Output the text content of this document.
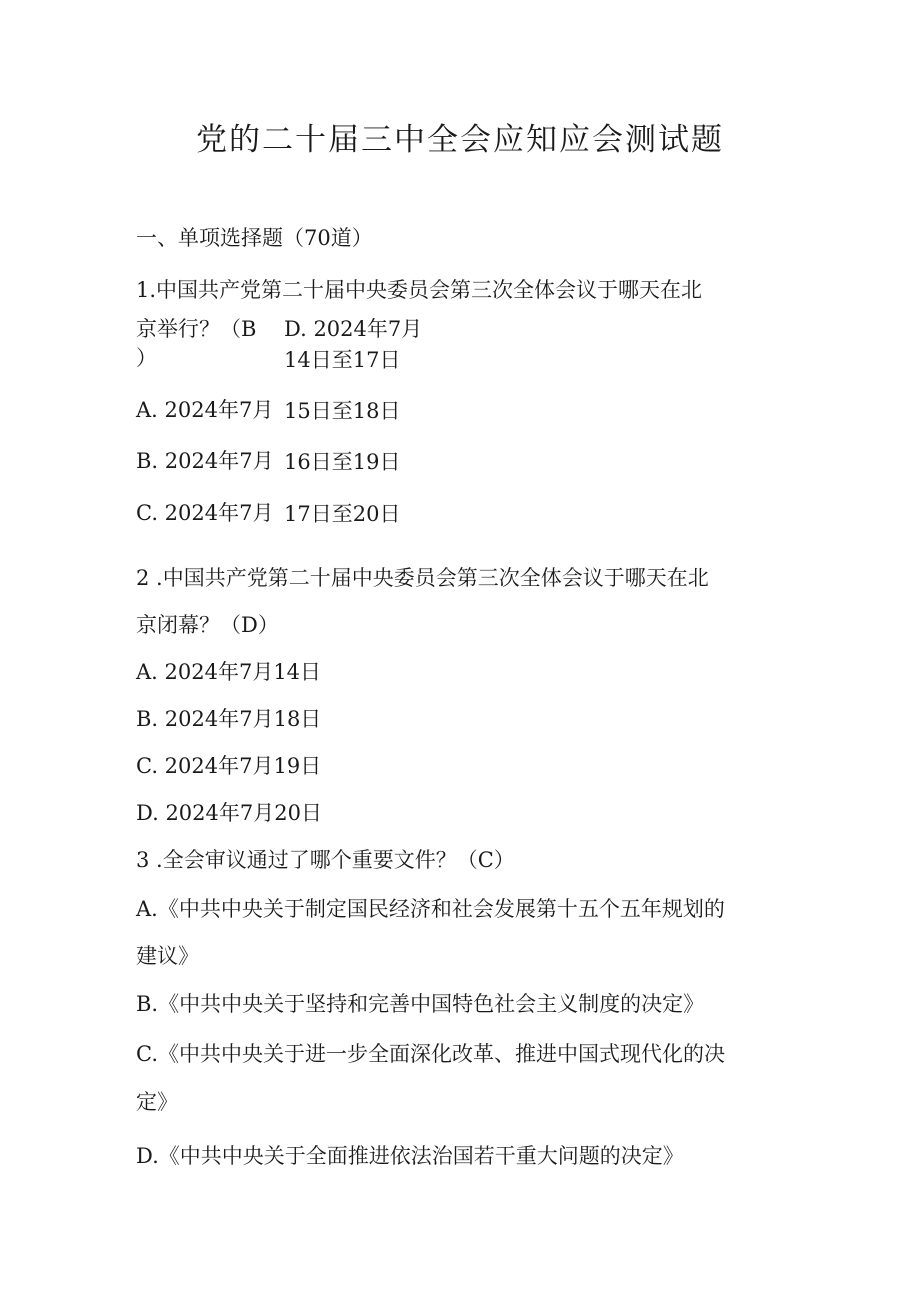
党的二十届三中全会应知应会测试题
一、单项选择题（70道）
1.中国共产党第二十届中央委员会第三次全体会议于哪天在北
京举行？（B
）
D. 2024年7月
14日至17日
A. 2024年7月 15日至18日
B. 2024年7月 16日至19日
C. 2024年7月 17日至20日
2 .中国共产党第二十届中央委员会第三次全体会议于哪天在北
京闭幕？（D）
A. 2024年7月14日
B. 2024年7月18日
C. 2024年7月19日
D. 2024年7月20日
3 .全会审议通过了哪个重要文件？（C）
A.《中共中央关于制定国民经济和社会发展第十五个五年规划的
建议》
B.《中共中央关于坚持和完善中国特色社会主义制度的决定》
C.《中共中央关于进一步全面深化改革、推进中国式现代化的决
定》
D.《中共中央关于全面推进依法治国若干重大问题的决定》
